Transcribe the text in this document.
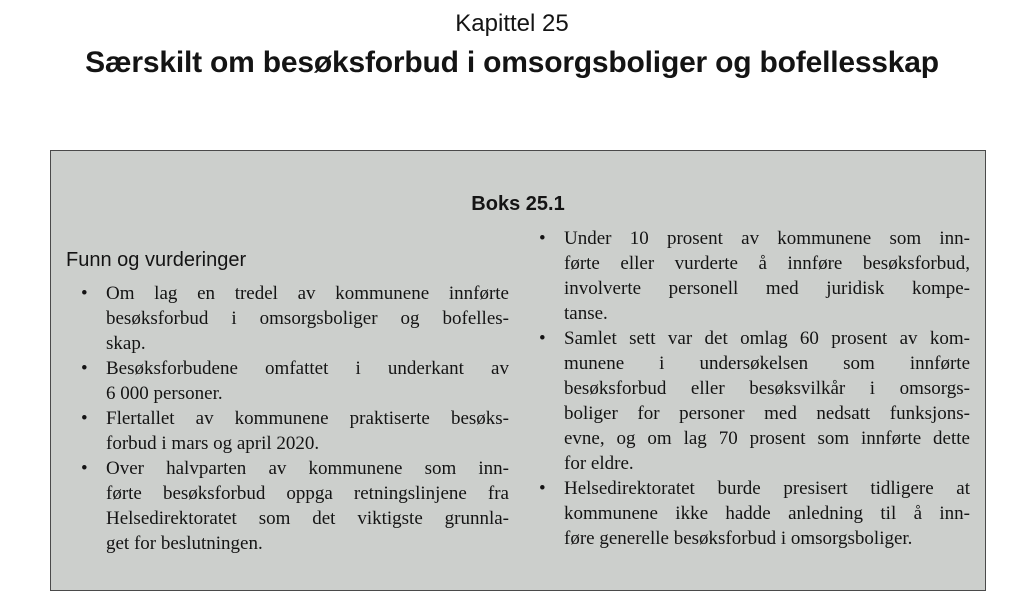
Kapittel 25
Særskilt om besøksforbud i omsorgsboliger og bofellesskap
Boks 25.1
Funn og vurderinger
• Om lag en tredel av kommunene innførte
besøksforbud i omsorgsboliger og bofelles-
skap.
• Besøksforbudene omfattet i underkant av
6 000 personer.
• Flertallet av kommunene praktiserte besøks-
forbud i mars og april 2020.
• Over halvparten av kommunene som inn-
førte besøksforbud oppga retningslinjene fra
Helsedirektoratet som det viktigste grunnla-
get for beslutningen.
• Under 10 prosent av kommunene som inn-
førte eller vurderte å innføre besøksforbud,
involverte personell med juridisk kompe-
tanse.
• Samlet sett var det omlag 60 prosent av kom-
munene i undersøkelsen som innførte
besøksforbud eller besøksvilkår i omsorgs-
boliger for personer med nedsatt funksjons-
evne, og om lag 70 prosent som innførte dette
for eldre.
• Helsedirektoratet burde presisert tidligere at
kommunene ikke hadde anledning til å inn-
føre generelle besøksforbud i omsorgsboliger.
